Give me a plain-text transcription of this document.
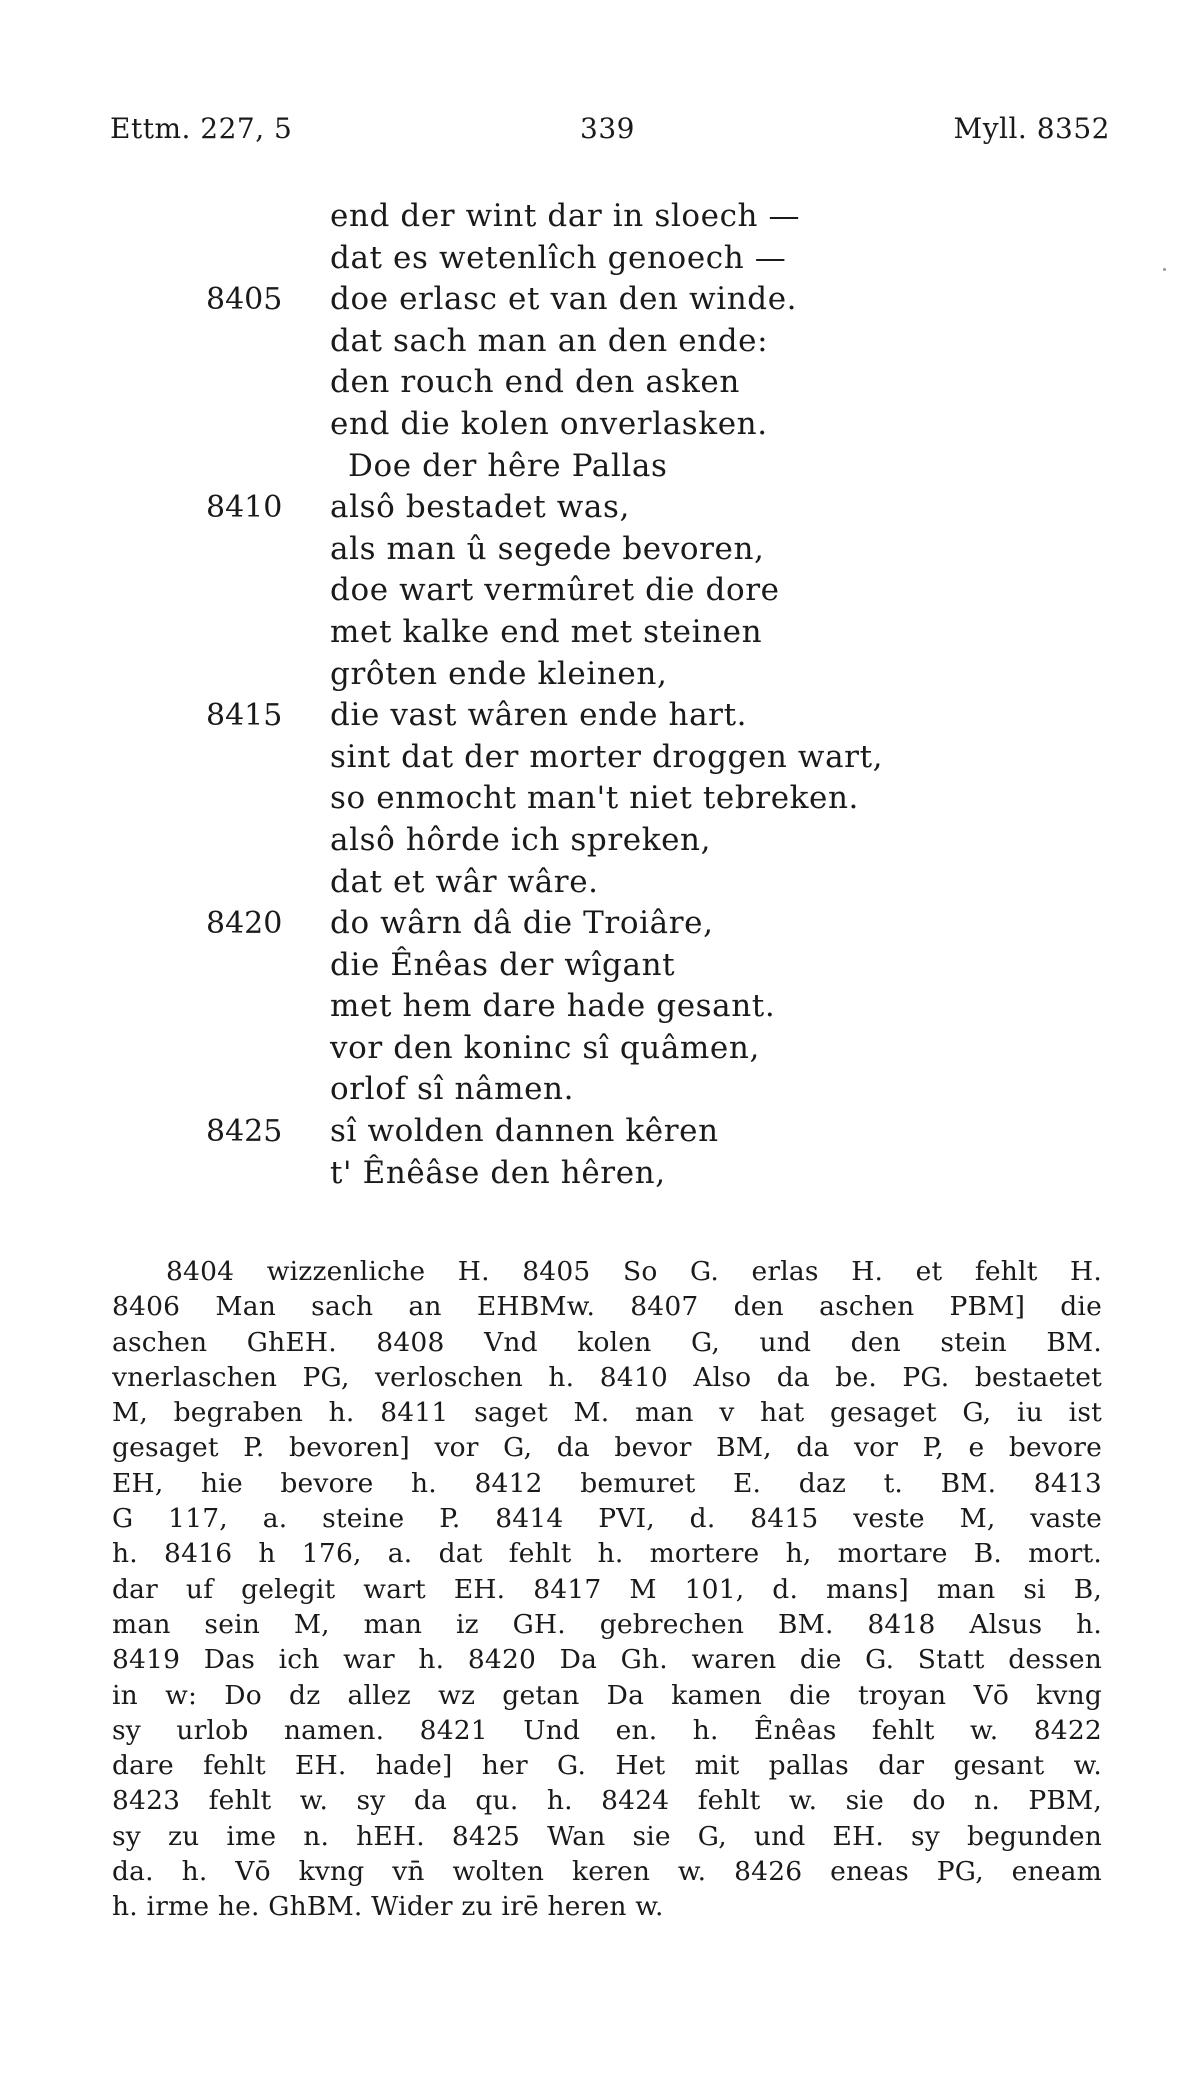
Ettm. 227, 5	339	Myll. 8352
end der wint dar in sloech —
dat es wetenlîch genoech —
8405	doe erlasc et van den winde.
dat sach man an den ende:
den rouch end den asken
end die kolen onverlasken.
Doe der hêre Pallas
8410	alsô bestadet was,
als man û segede bevoren,
doe wart vermûret die dore
met kalke end met steinen
grôten ende kleinen,
8415	die vast wâren ende hart.
sint dat der morter droggen wart,
so enmocht man't niet tebreken.
alsô hôrde ich spreken,
dat et wâr wâre.
8420	do wârn dâ die Troiâre,
die Ênêas der wîgant
met hem dare hade gesant.
vor den koninc sî quâmen,
orlof sî nâmen.
8425	sî wolden dannen kêren
t' Ênêâse den hêren,
8404 wizzenliche H. 8405 So G. erlas H. et fehlt H.
8406 Man sach an EHBMw. 8407 den aschen PBM] die
aschen GhEH. 8408 Vnd kolen G, und den stein BM.
vnerlaschen PG, verloschen h. 8410 Also da be. PG. bestaetet
M, begraben h. 8411 saget M. man v hat gesaget G, iu ist
gesaget P. bevoren] vor G, da bevor BM, da vor P, e bevore
EH, hie bevore h. 8412 bemuret E. daz t. BM. 8413
G 117, a. steine P. 8414 PVI, d. 8415 veste M, vaste
h. 8416 h 176, a. dat fehlt h. mortere h, mortare B. mort.
dar uf gelegit wart EH. 8417 M 101, d. mans] man si B,
man sein M, man iz GH. gebrechen BM. 8418 Alsus h.
8419 Das ich war h. 8420 Da Gh. waren die G. Statt dessen
in w: Do dz allez wz getan Da kamen die troyan Vō kvng
sy urlob namen. 8421 Und en. h. Ênêas fehlt w. 8422
dare fehlt EH. hade] her G. Het mit pallas dar gesant w.
8423 fehlt w. sy da qu. h. 8424 fehlt w. sie do n. PBM,
sy zu ime n. hEH. 8425 Wan sie G, und EH. sy begunden
da. h. Vō kvng vn̄ wolten keren w. 8426 eneas PG, eneam
h. irme he. GhBM. Wider zu irē heren w.
